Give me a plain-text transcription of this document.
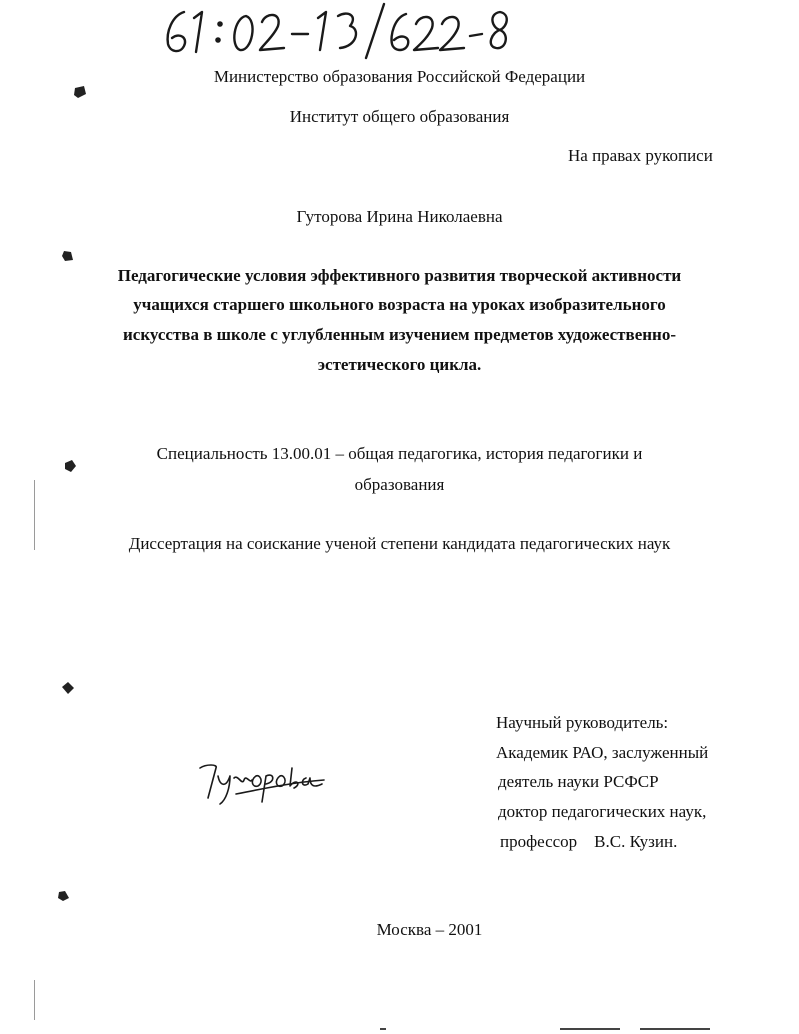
Министерство образования Российской Федерации
Институт общего образования
На правах рукописи
Гуторова Ирина Николаевна
Педагогические условия эффективного развития творческой активности
учащихся старшего школьного возраста на уроках изобразительного
искусства в школе с углубленным изучением предметов художественно-
эстетического цикла.
Специальность 13.00.01 – общая педагогика, история педагогики и
образования
Диссертация на соискание ученой степени кандидата педагогических наук
Научный руководитель:
Академик РАО, заслуженный
деятель науки РСФСР
доктор педагогических наук,
профессор    В.С. Кузин.
Москва – 2001
